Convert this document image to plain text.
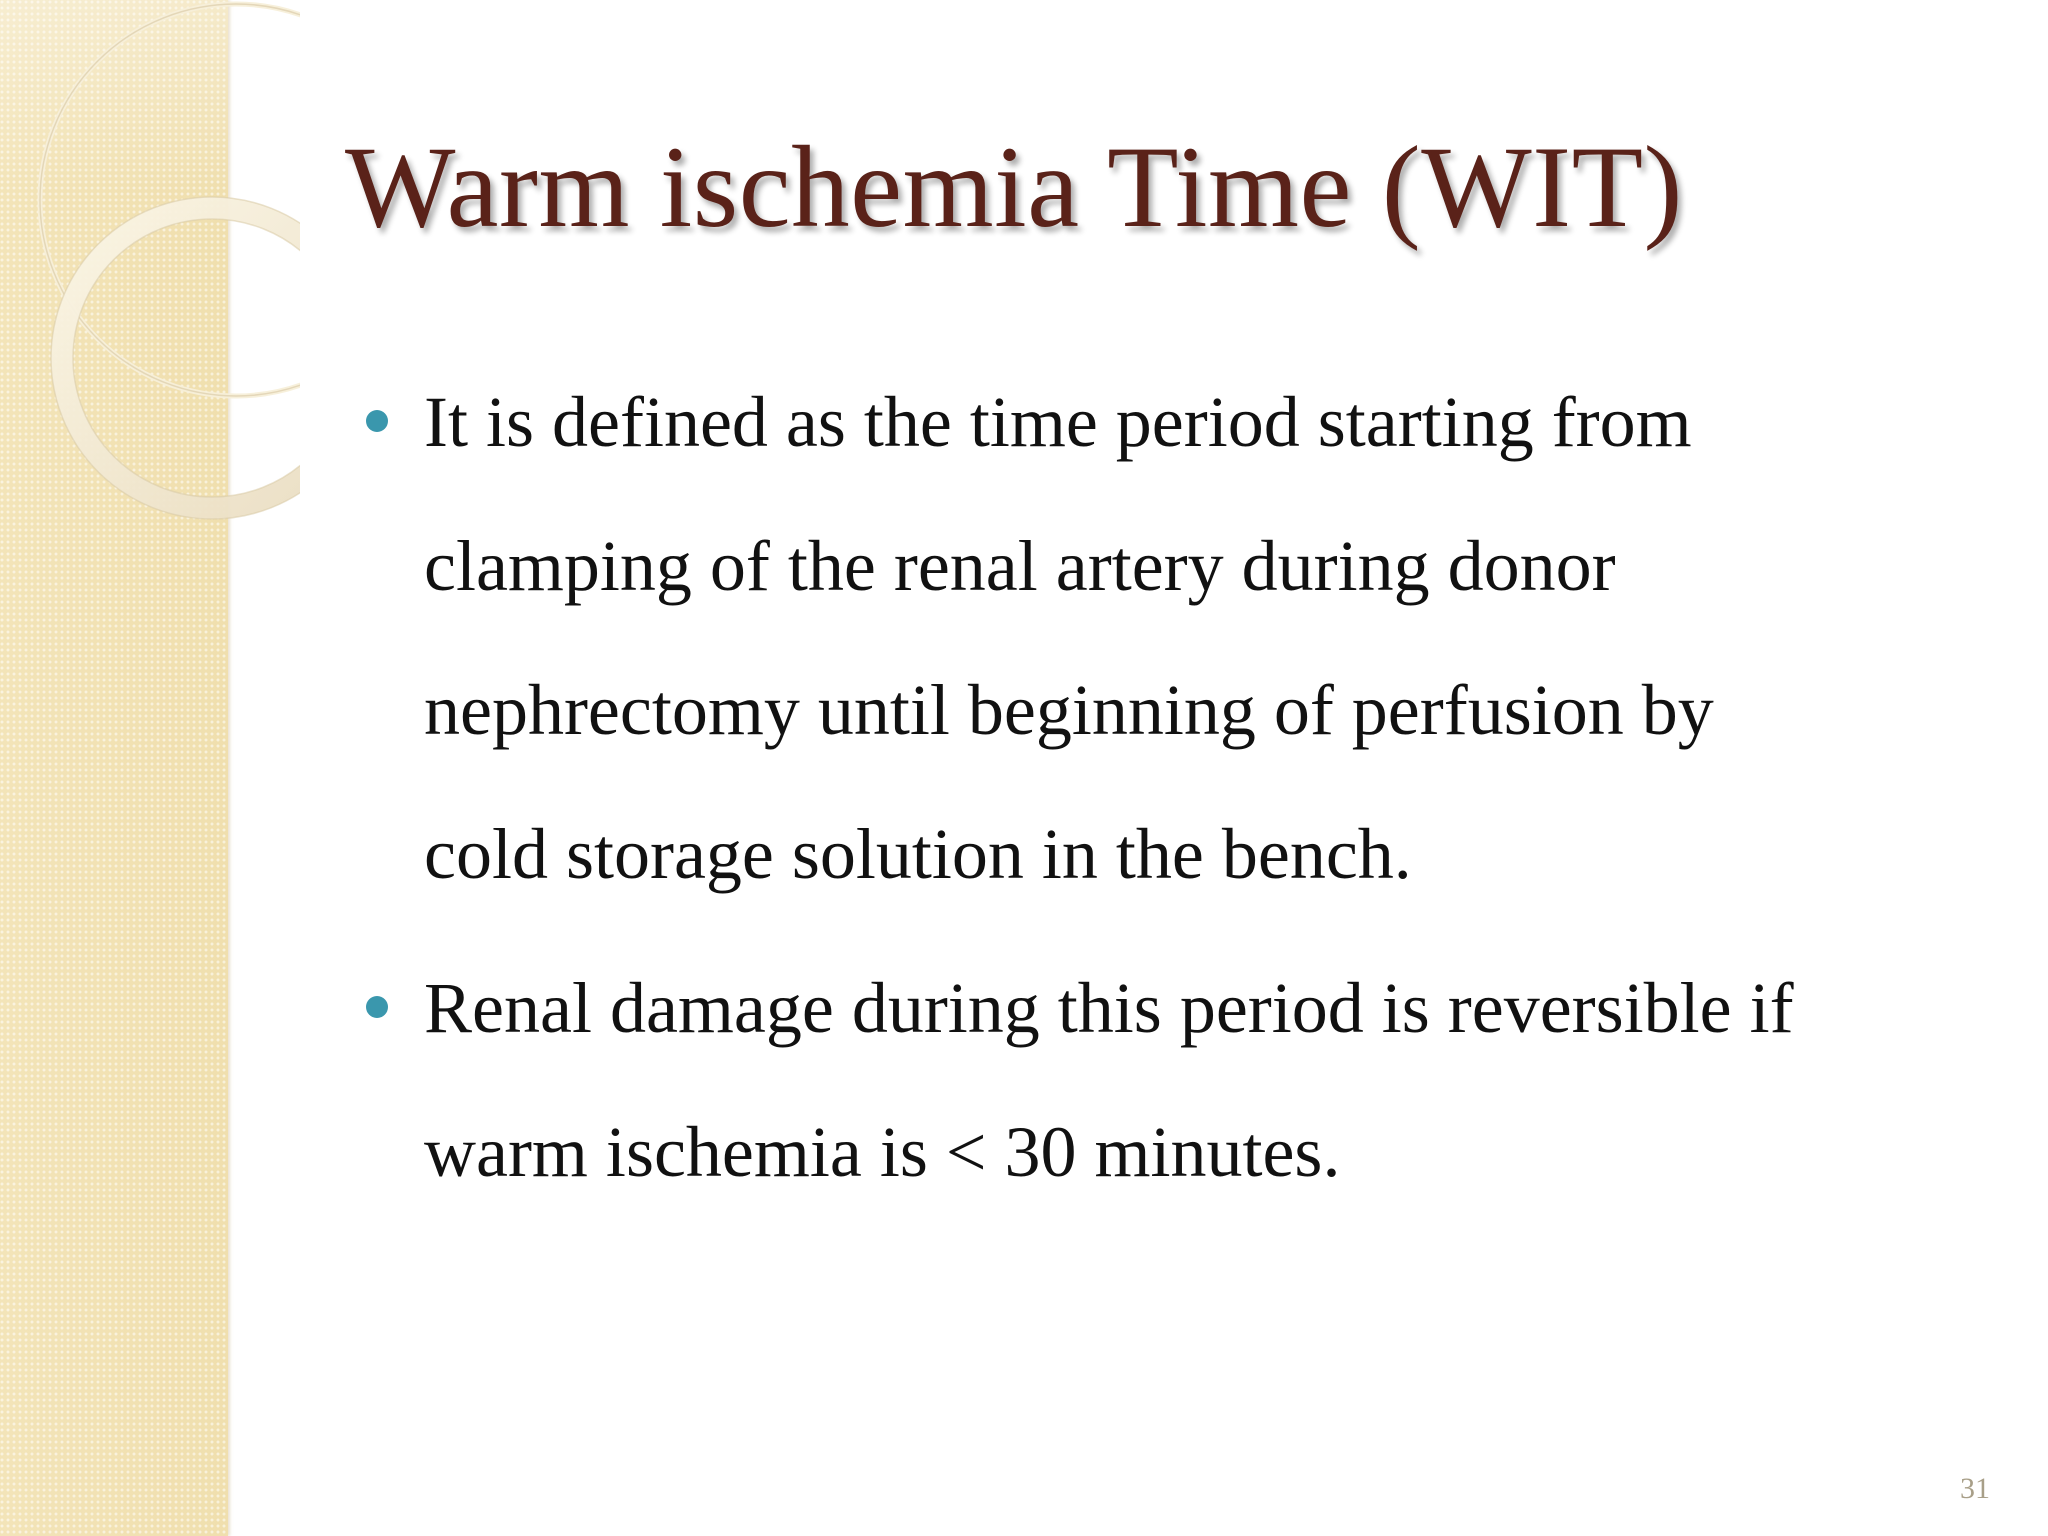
Warm ischemia Time (WIT)
It is defined as the time period starting from
clamping of the renal artery during donor
nephrectomy until beginning of perfusion by
cold storage solution in the bench.
Renal damage during this period is reversible if
warm ischemia is < 30 minutes.
31
